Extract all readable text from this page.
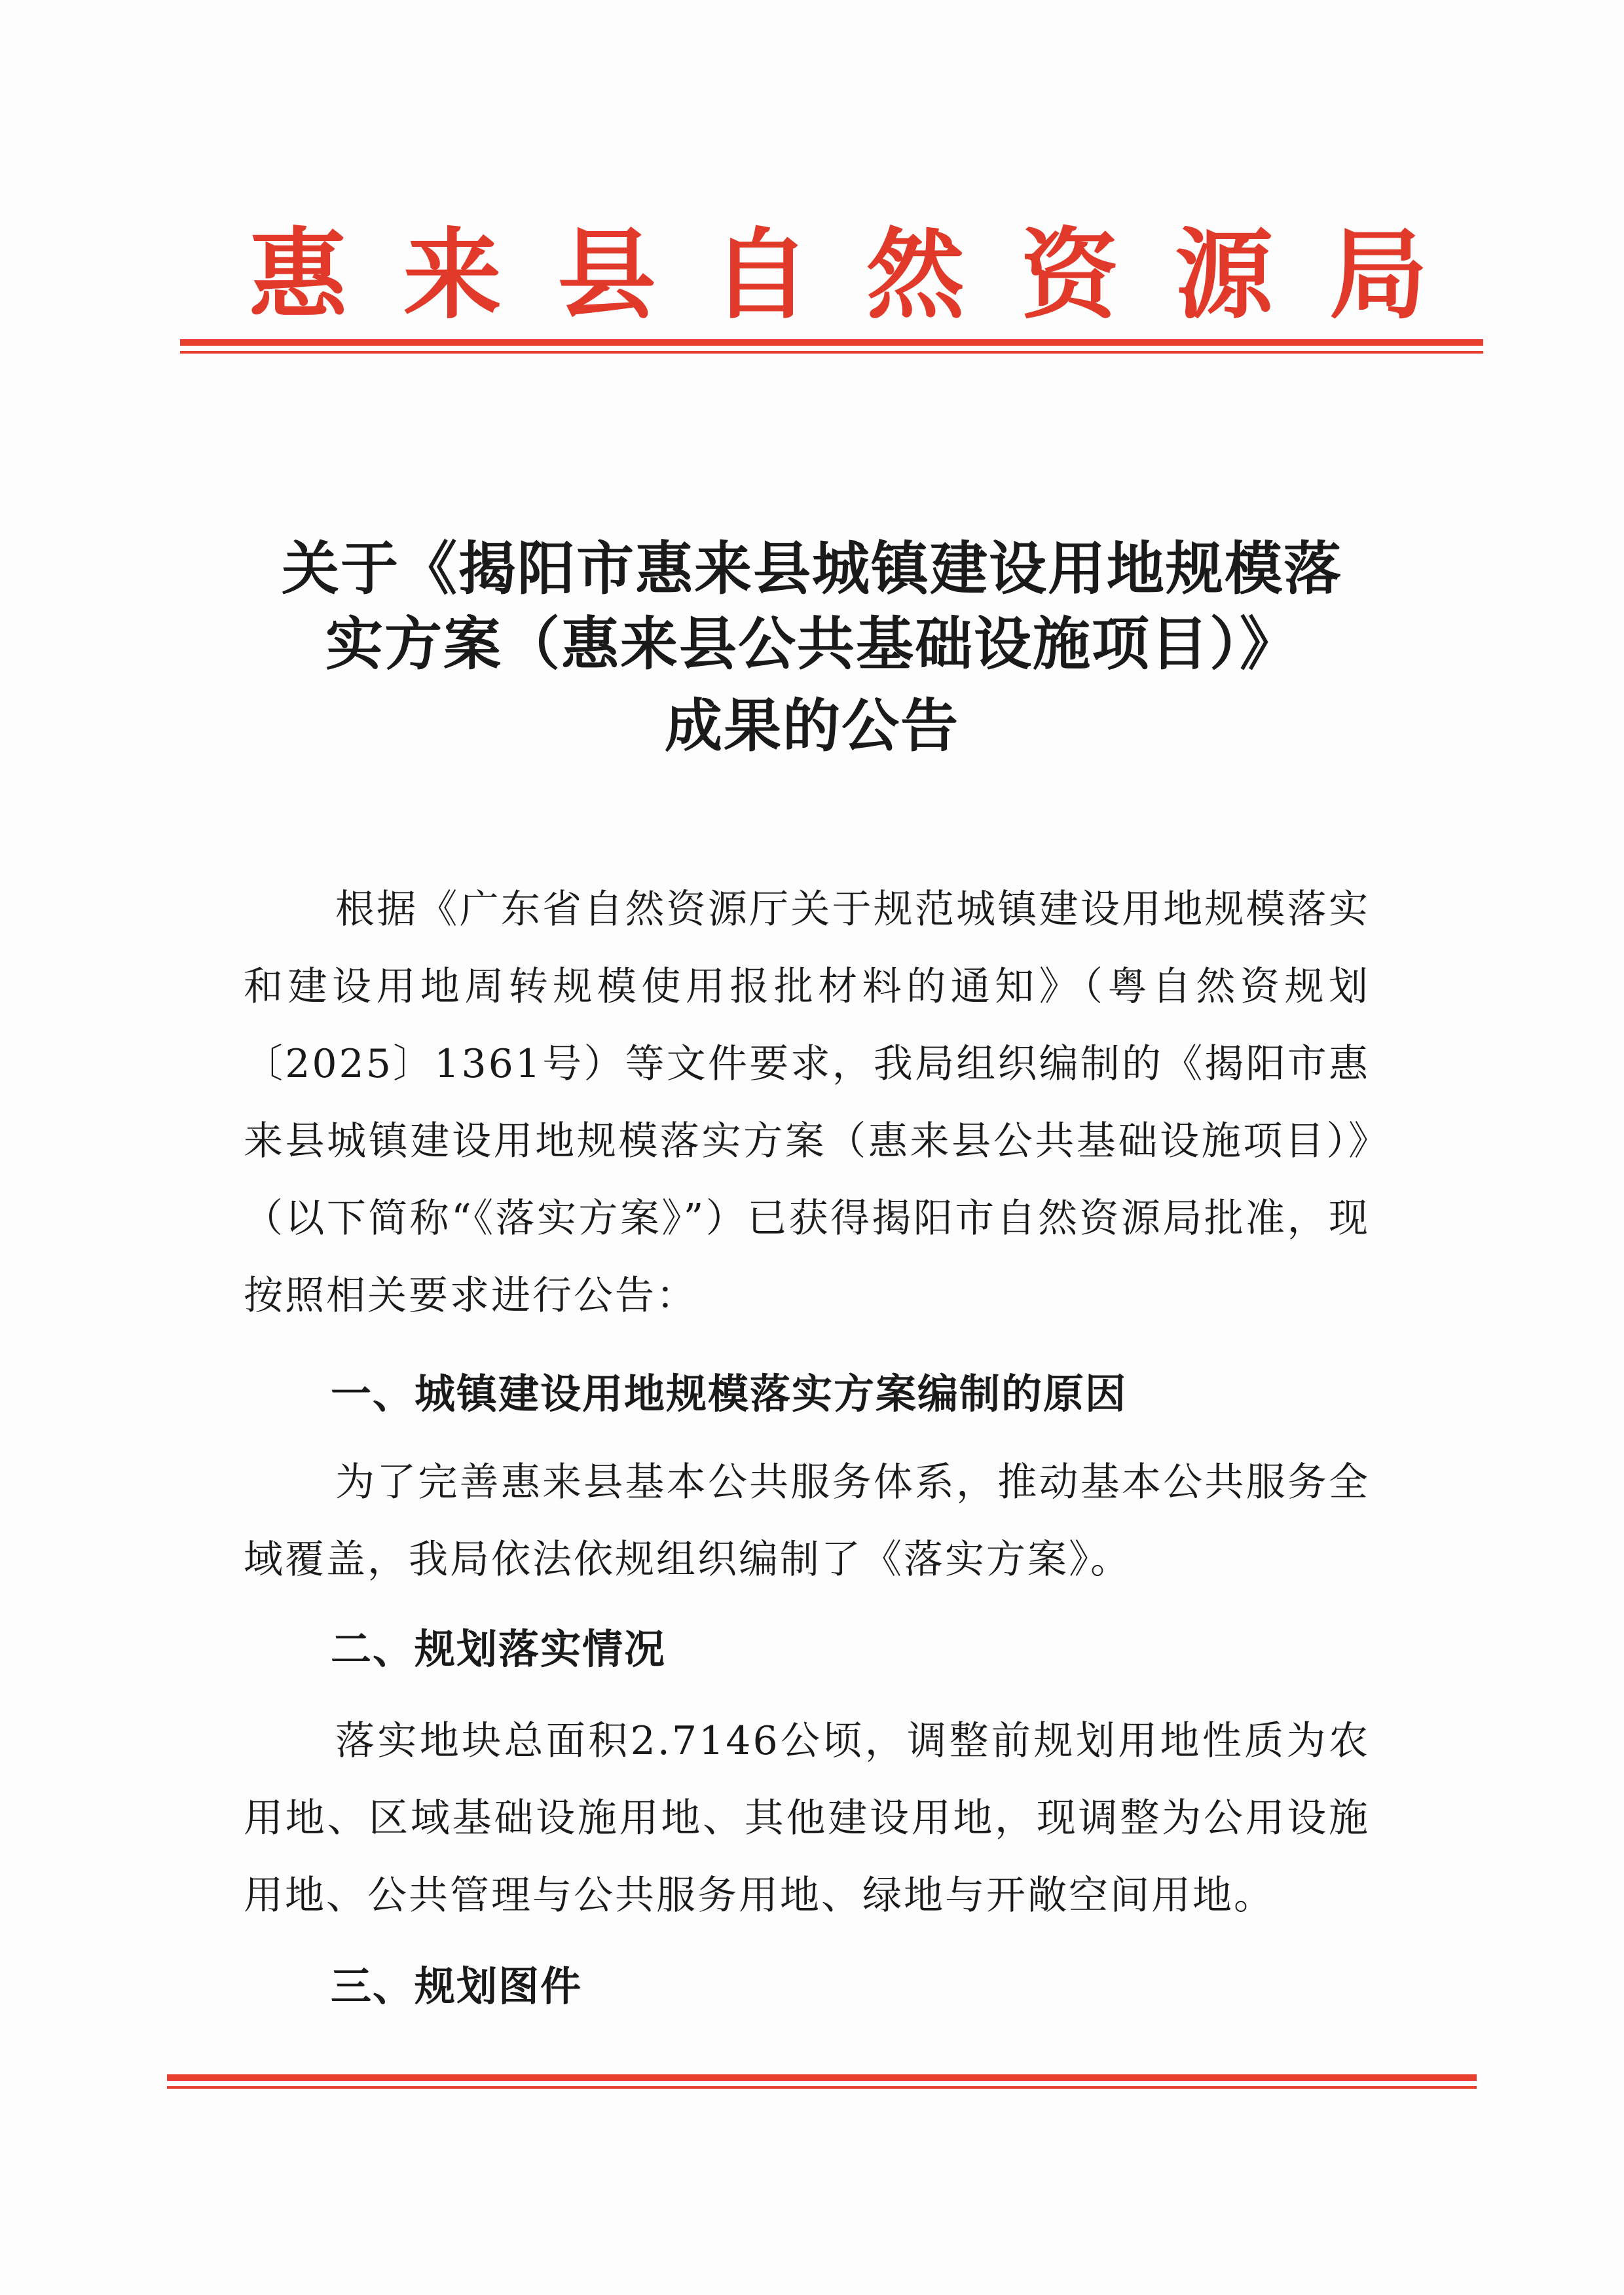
惠 来 县 自 然 资 源 局
关于《揭阳市惠来县城镇建设用地规模落
实方案（惠来县公共基础设施项目）》
成果的公告

根据《广东省自然资源厅关于规范城镇建设用地规模落实和建设用地周转规模使用报批材料的通知》（粤自然资规划〔2025〕1361号）等文件要求，我局组织编制的《揭阳市惠来县城镇建设用地规模落实方案（惠来县公共基础设施项目）》（以下简称“《落实方案》”）已获得揭阳市自然资源局批准，现按照相关要求进行公告：

一、城镇建设用地规模落实方案编制的原因

为了完善惠来县基本公共服务体系，推动基本公共服务全域覆盖，我局依法依规组织编制了《落实方案》。

二、规划落实情况

落实地块总面积2.7146公顷，调整前规划用地性质为农用地、区域基础设施用地、其他建设用地，现调整为公用设施用地、公共管理与公共服务用地、绿地与开敞空间用地。

三、规划图件
